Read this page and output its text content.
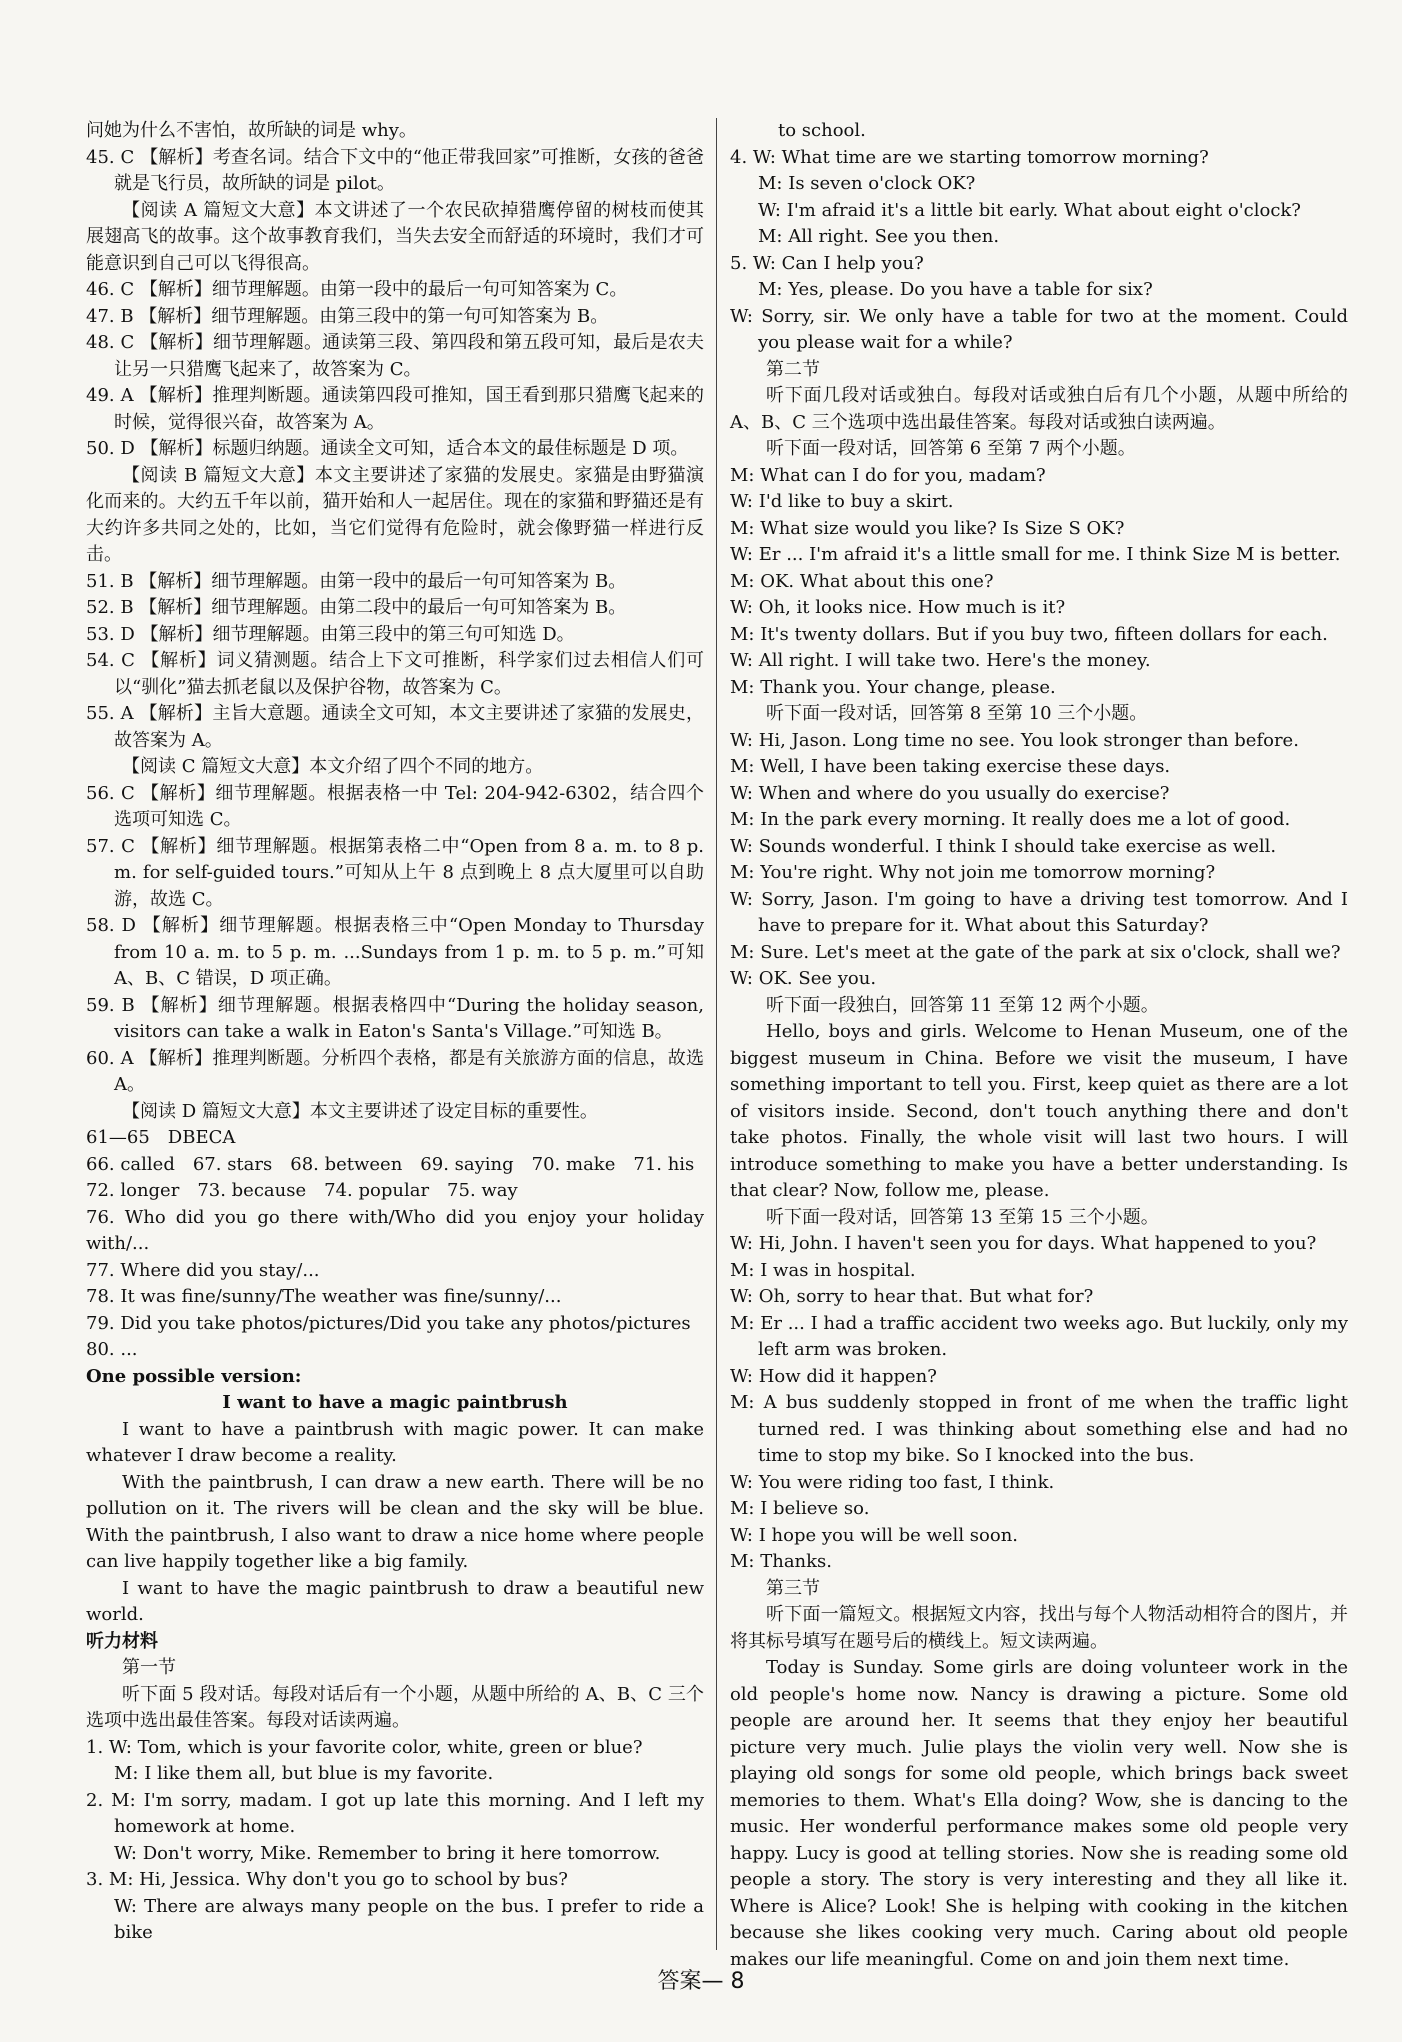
问她为什么不害怕，故所缺的词是 why。
45. C 【解析】考查名词。结合下文中的“他正带我回家”可推断，女孩的爸爸就是飞行员，故所缺的词是 pilot。
【阅读 A 篇短文大意】本文讲述了一个农民砍掉猎鹰停留的树枝而使其展翅高飞的故事。这个故事教育我们，当失去安全而舒适的环境时，我们才可能意识到自己可以飞得很高。
46. C 【解析】细节理解题。由第一段中的最后一句可知答案为 C。
47. B 【解析】细节理解题。由第三段中的第一句可知答案为 B。
48. C 【解析】细节理解题。通读第三段、第四段和第五段可知，最后是农夫让另一只猎鹰飞起来了，故答案为 C。
49. A 【解析】推理判断题。通读第四段可推知，国王看到那只猎鹰飞起来的时候，觉得很兴奋，故答案为 A。
50. D 【解析】标题归纳题。通读全文可知，适合本文的最佳标题是 D 项。
【阅读 B 篇短文大意】本文主要讲述了家猫的发展史。家猫是由野猫演化而来的。大约五千年以前，猫开始和人一起居住。现在的家猫和野猫还是有大约许多共同之处的，比如，当它们觉得有危险时，就会像野猫一样进行反击。
51. B 【解析】细节理解题。由第一段中的最后一句可知答案为 B。
52. B 【解析】细节理解题。由第二段中的最后一句可知答案为 B。
53. D 【解析】细节理解题。由第三段中的第三句可知选 D。
54. C 【解析】词义猜测题。结合上下文可推断，科学家们过去相信人们可以“驯化”猫去抓老鼠以及保护谷物，故答案为 C。
55. A 【解析】主旨大意题。通读全文可知，本文主要讲述了家猫的发展史，故答案为 A。
【阅读 C 篇短文大意】本文介绍了四个不同的地方。
56. C 【解析】细节理解题。根据表格一中 Tel: 204-942-6302，结合四个选项可知选 C。
57. C 【解析】细节理解题。根据第表格二中“Open from 8 a. m. to 8 p. m. for self-guided tours.”可知从上午 8 点到晚上 8 点大厦里可以自助游，故选 C。
58. D 【解析】细节理解题。根据表格三中“Open Monday to Thursday from 10 a. m. to 5 p. m. ...Sundays from 1 p. m. to 5 p. m.”可知 A、B、C 错误，D 项正确。
59. B 【解析】细节理解题。根据表格四中“During the holiday season, visitors can take a walk in Eaton's Santa's Village.”可知选 B。
60. A 【解析】推理判断题。分析四个表格，都是有关旅游方面的信息，故选 A。
【阅读 D 篇短文大意】本文主要讲述了设定目标的重要性。
61—65　DBECA
66. called　67. stars　68. between　69. saying　70. make　71. his
72. longer　73. because　74. popular　75. way
76. Who did you go there with/Who did you enjoy your holiday with/...
77. Where did you stay/...
78. It was fine/sunny/The weather was fine/sunny/...
79. Did you take photos/pictures/Did you take any photos/pictures
80. ...
One possible version:
I want to have a magic paintbrush
I want to have a paintbrush with magic power. It can make whatever I draw become a reality.
With the paintbrush, I can draw a new earth. There will be no pollution on it. The rivers will be clean and the sky will be blue. With the paintbrush, I also want to draw a nice home where people can live happily together like a big family.
I want to have the magic paintbrush to draw a beautiful new world.
听力材料
第一节
听下面 5 段对话。每段对话后有一个小题，从题中所给的 A、B、C 三个选项中选出最佳答案。每段对话读两遍。
1. W: Tom, which is your favorite color, white, green or blue?
M: I like them all, but blue is my favorite.
2. M: I'm sorry, madam. I got up late this morning. And I left my homework at home.
W: Don't worry, Mike. Remember to bring it here tomorrow.
3. M: Hi, Jessica. Why don't you go to school by bus?
W: There are always many people on the bus. I prefer to ride a bike
to school.
4. W: What time are we starting tomorrow morning?
M: Is seven o'clock OK?
W: I'm afraid it's a little bit early. What about eight o'clock?
M: All right. See you then.
5. W: Can I help you?
M: Yes, please. Do you have a table for six?
W: Sorry, sir. We only have a table for two at the moment. Could you please wait for a while?
第二节
听下面几段对话或独白。每段对话或独白后有几个小题，从题中所给的 A、B、C 三个选项中选出最佳答案。每段对话或独白读两遍。
听下面一段对话，回答第 6 至第 7 两个小题。
M: What can I do for you, madam?
W: I'd like to buy a skirt.
M: What size would you like? Is Size S OK?
W: Er ... I'm afraid it's a little small for me. I think Size M is better.
M: OK. What about this one?
W: Oh, it looks nice. How much is it?
M: It's twenty dollars. But if you buy two, fifteen dollars for each.
W: All right. I will take two. Here's the money.
M: Thank you. Your change, please.
听下面一段对话，回答第 8 至第 10 三个小题。
W: Hi, Jason. Long time no see. You look stronger than before.
M: Well, I have been taking exercise these days.
W: When and where do you usually do exercise?
M: In the park every morning. It really does me a lot of good.
W: Sounds wonderful. I think I should take exercise as well.
M: You're right. Why not join me tomorrow morning?
W: Sorry, Jason. I'm going to have a driving test tomorrow. And I have to prepare for it. What about this Saturday?
M: Sure. Let's meet at the gate of the park at six o'clock, shall we?
W: OK. See you.
听下面一段独白，回答第 11 至第 12 两个小题。
Hello, boys and girls. Welcome to Henan Museum, one of the biggest museum in China. Before we visit the museum, I have something important to tell you. First, keep quiet as there are a lot of visitors inside. Second, don't touch anything there and don't take photos. Finally, the whole visit will last two hours. I will introduce something to make you have a better understanding. Is that clear? Now, follow me, please.
听下面一段对话，回答第 13 至第 15 三个小题。
W: Hi, John. I haven't seen you for days. What happened to you?
M: I was in hospital.
W: Oh, sorry to hear that. But what for?
M: Er ... I had a traffic accident two weeks ago. But luckily, only my left arm was broken.
W: How did it happen?
M: A bus suddenly stopped in front of me when the traffic light turned red. I was thinking about something else and had no time to stop my bike. So I knocked into the bus.
W: You were riding too fast, I think.
M: I believe so.
W: I hope you will be well soon.
M: Thanks.
第三节
听下面一篇短文。根据短文内容，找出与每个人物活动相符合的图片，并将其标号填写在题号后的横线上。短文读两遍。
Today is Sunday. Some girls are doing volunteer work in the old people's home now. Nancy is drawing a picture. Some old people are around her. It seems that they enjoy her beautiful picture very much. Julie plays the violin very well. Now she is playing old songs for some old people, which brings back sweet memories to them. What's Ella doing? Wow, she is dancing to the music. Her wonderful performance makes some old people very happy. Lucy is good at telling stories. Now she is reading some old people a story. The story is very interesting and they all like it. Where is Alice? Look! She is helping with cooking in the kitchen because she likes cooking very much. Caring about old people makes our life meaningful. Come on and join them next time.
答案— 8
